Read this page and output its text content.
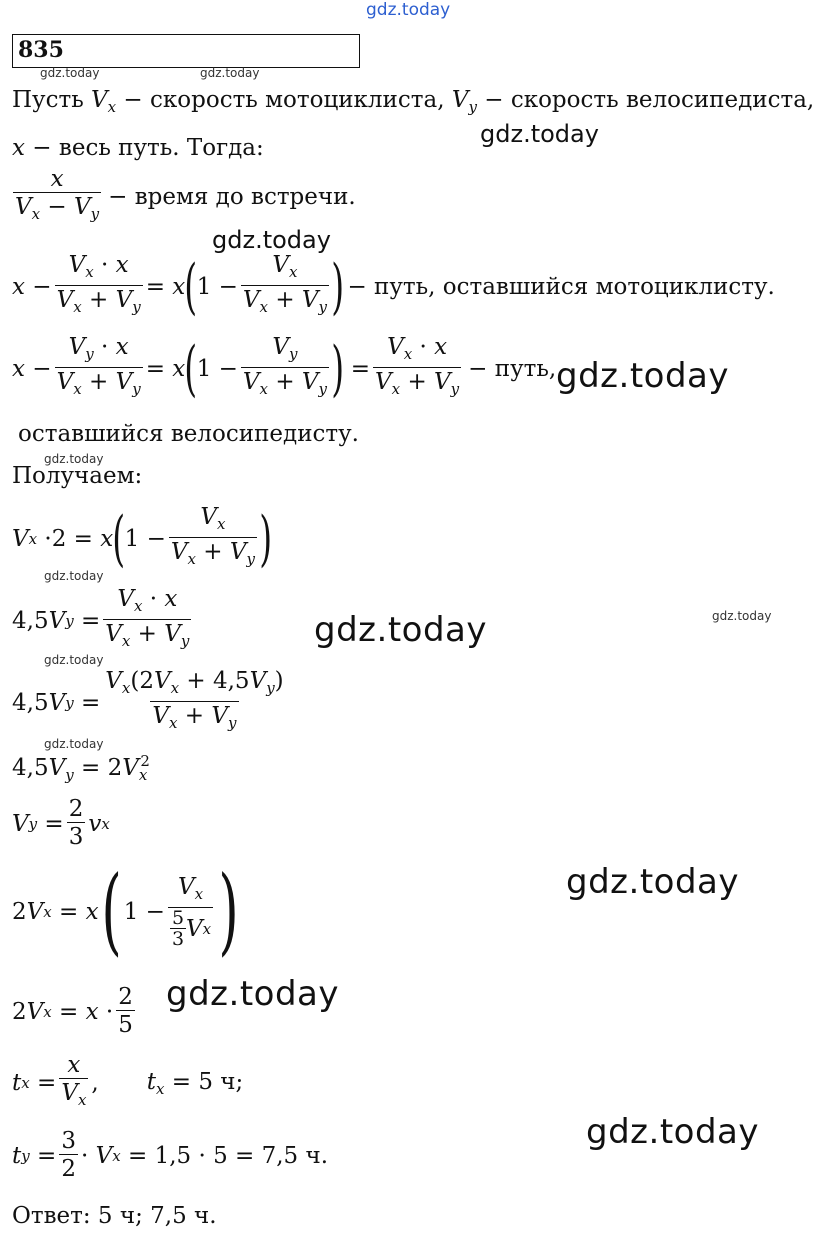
gdz.today
835
gdz.today	gdz.today
Пусть $V_x$ − скорость мотоциклиста, $V_y$ − скорость велосипедиста,
gdz.today
x − весь путь. Тогда:
$\frac{x}{V_x - V_y}$ − время до встречи.
gdz.today
$x - \frac{V_x \cdot x}{V_x + V_y} = x$ ( $1 - \frac{V_x}{V_x + V_y}$ ) − путь, оставшийся мотоциклисту.
$x - \frac{V_y \cdot x}{V_x + V_y} = x$ ( $1 - \frac{V_y}{V_x + V_y}$ ) = $\frac{V_x \cdot x}{V_x + V_y}$ − путь, gdz.today
оставшийся велосипедисту.
gdz.today
Получаем:
V x · 2 = x ( $1 - \frac{V_x}{V_x + V_y}$ )
gdz.today
4,5 V $y = \frac{V_x \cdot x}{V_x + V_y}$	gdz.today	gdz.today
gdz.today
4,5 V $y = \frac{V_x(2V_x + 4,5V_y)}{V_x + V_y}$
gdz.today
$4,5V_y = 2V_x^2$
V $y = \frac{2}{3}$ v x
gdz.today
2 V x = x ( $1 - \frac{V_x}{\frac{5}{3} V x}$ )
gdz.today
2 V $x = x \cdot \frac{2}{5}$
t $x = \frac{x}{V_x}$ , $t_x = 5$ ч;
gdz.today
t $y = \frac{3}{2} \cdot V$ x
= 1,5 · 5 = 7,5 ч.
Ответ: 5 ч; 7,5 ч.
